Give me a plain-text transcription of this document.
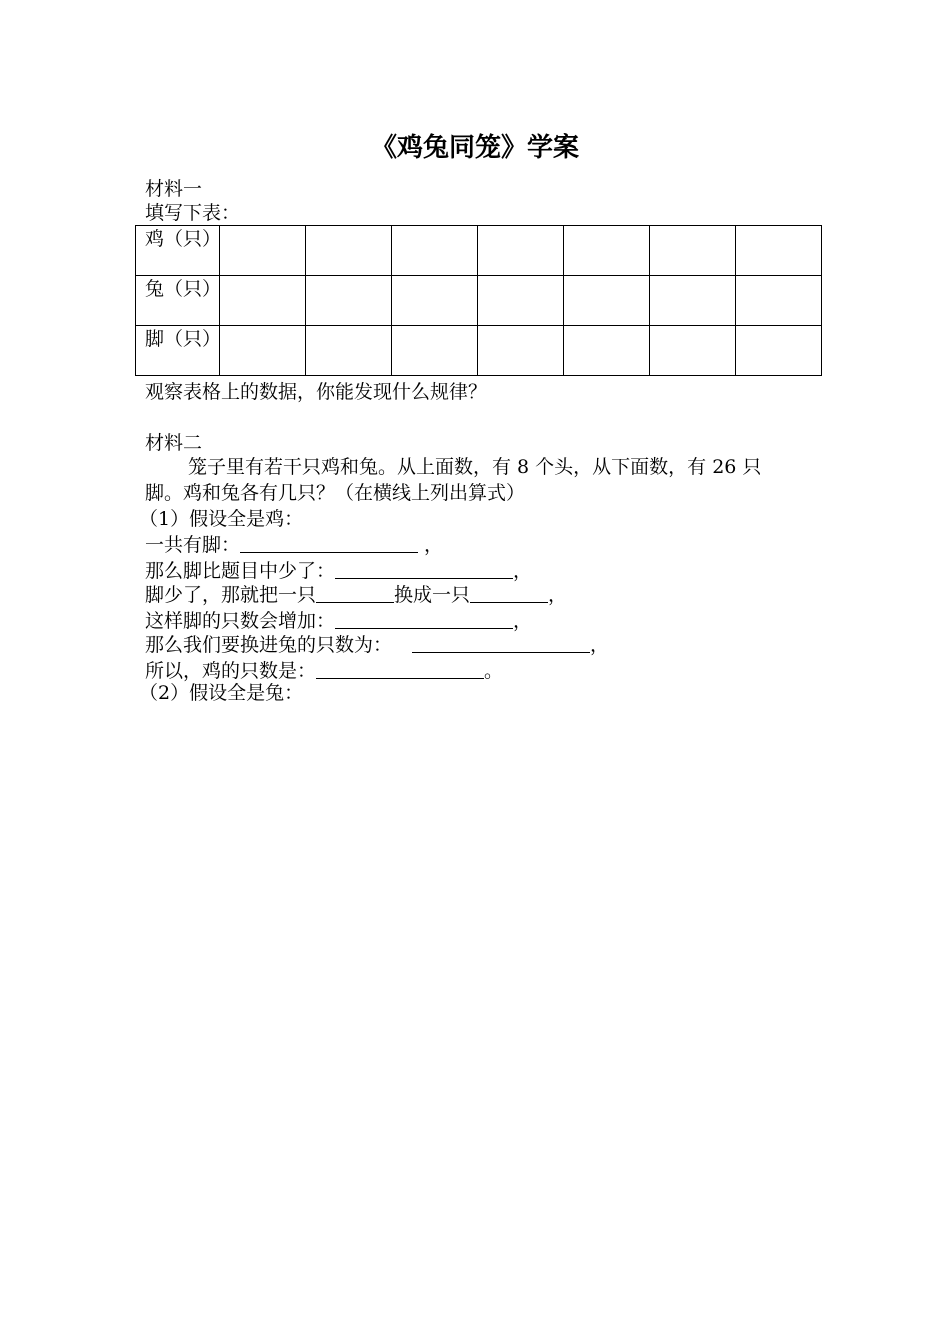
《鸡兔同笼》学案
材料一
填写下表：
鸡（只）							
兔（只）							
脚（只）							
观察表格上的数据，你能发现什么规律？
材料二
笼子里有若干只鸡和兔。从上面数，有 8 个头，从下面数，有 26 只
脚。鸡和兔各有几只？（在横线上列出算式）
（1）假设全是鸡：
一共有脚：	，
那么脚比题目中少了：	，
脚少了，那就把一只	换成一只	，
这样脚的只数会增加：	，
那么我们要换进兔的只数为：	，
所以，鸡的只数是：	。
（2）假设全是兔：
